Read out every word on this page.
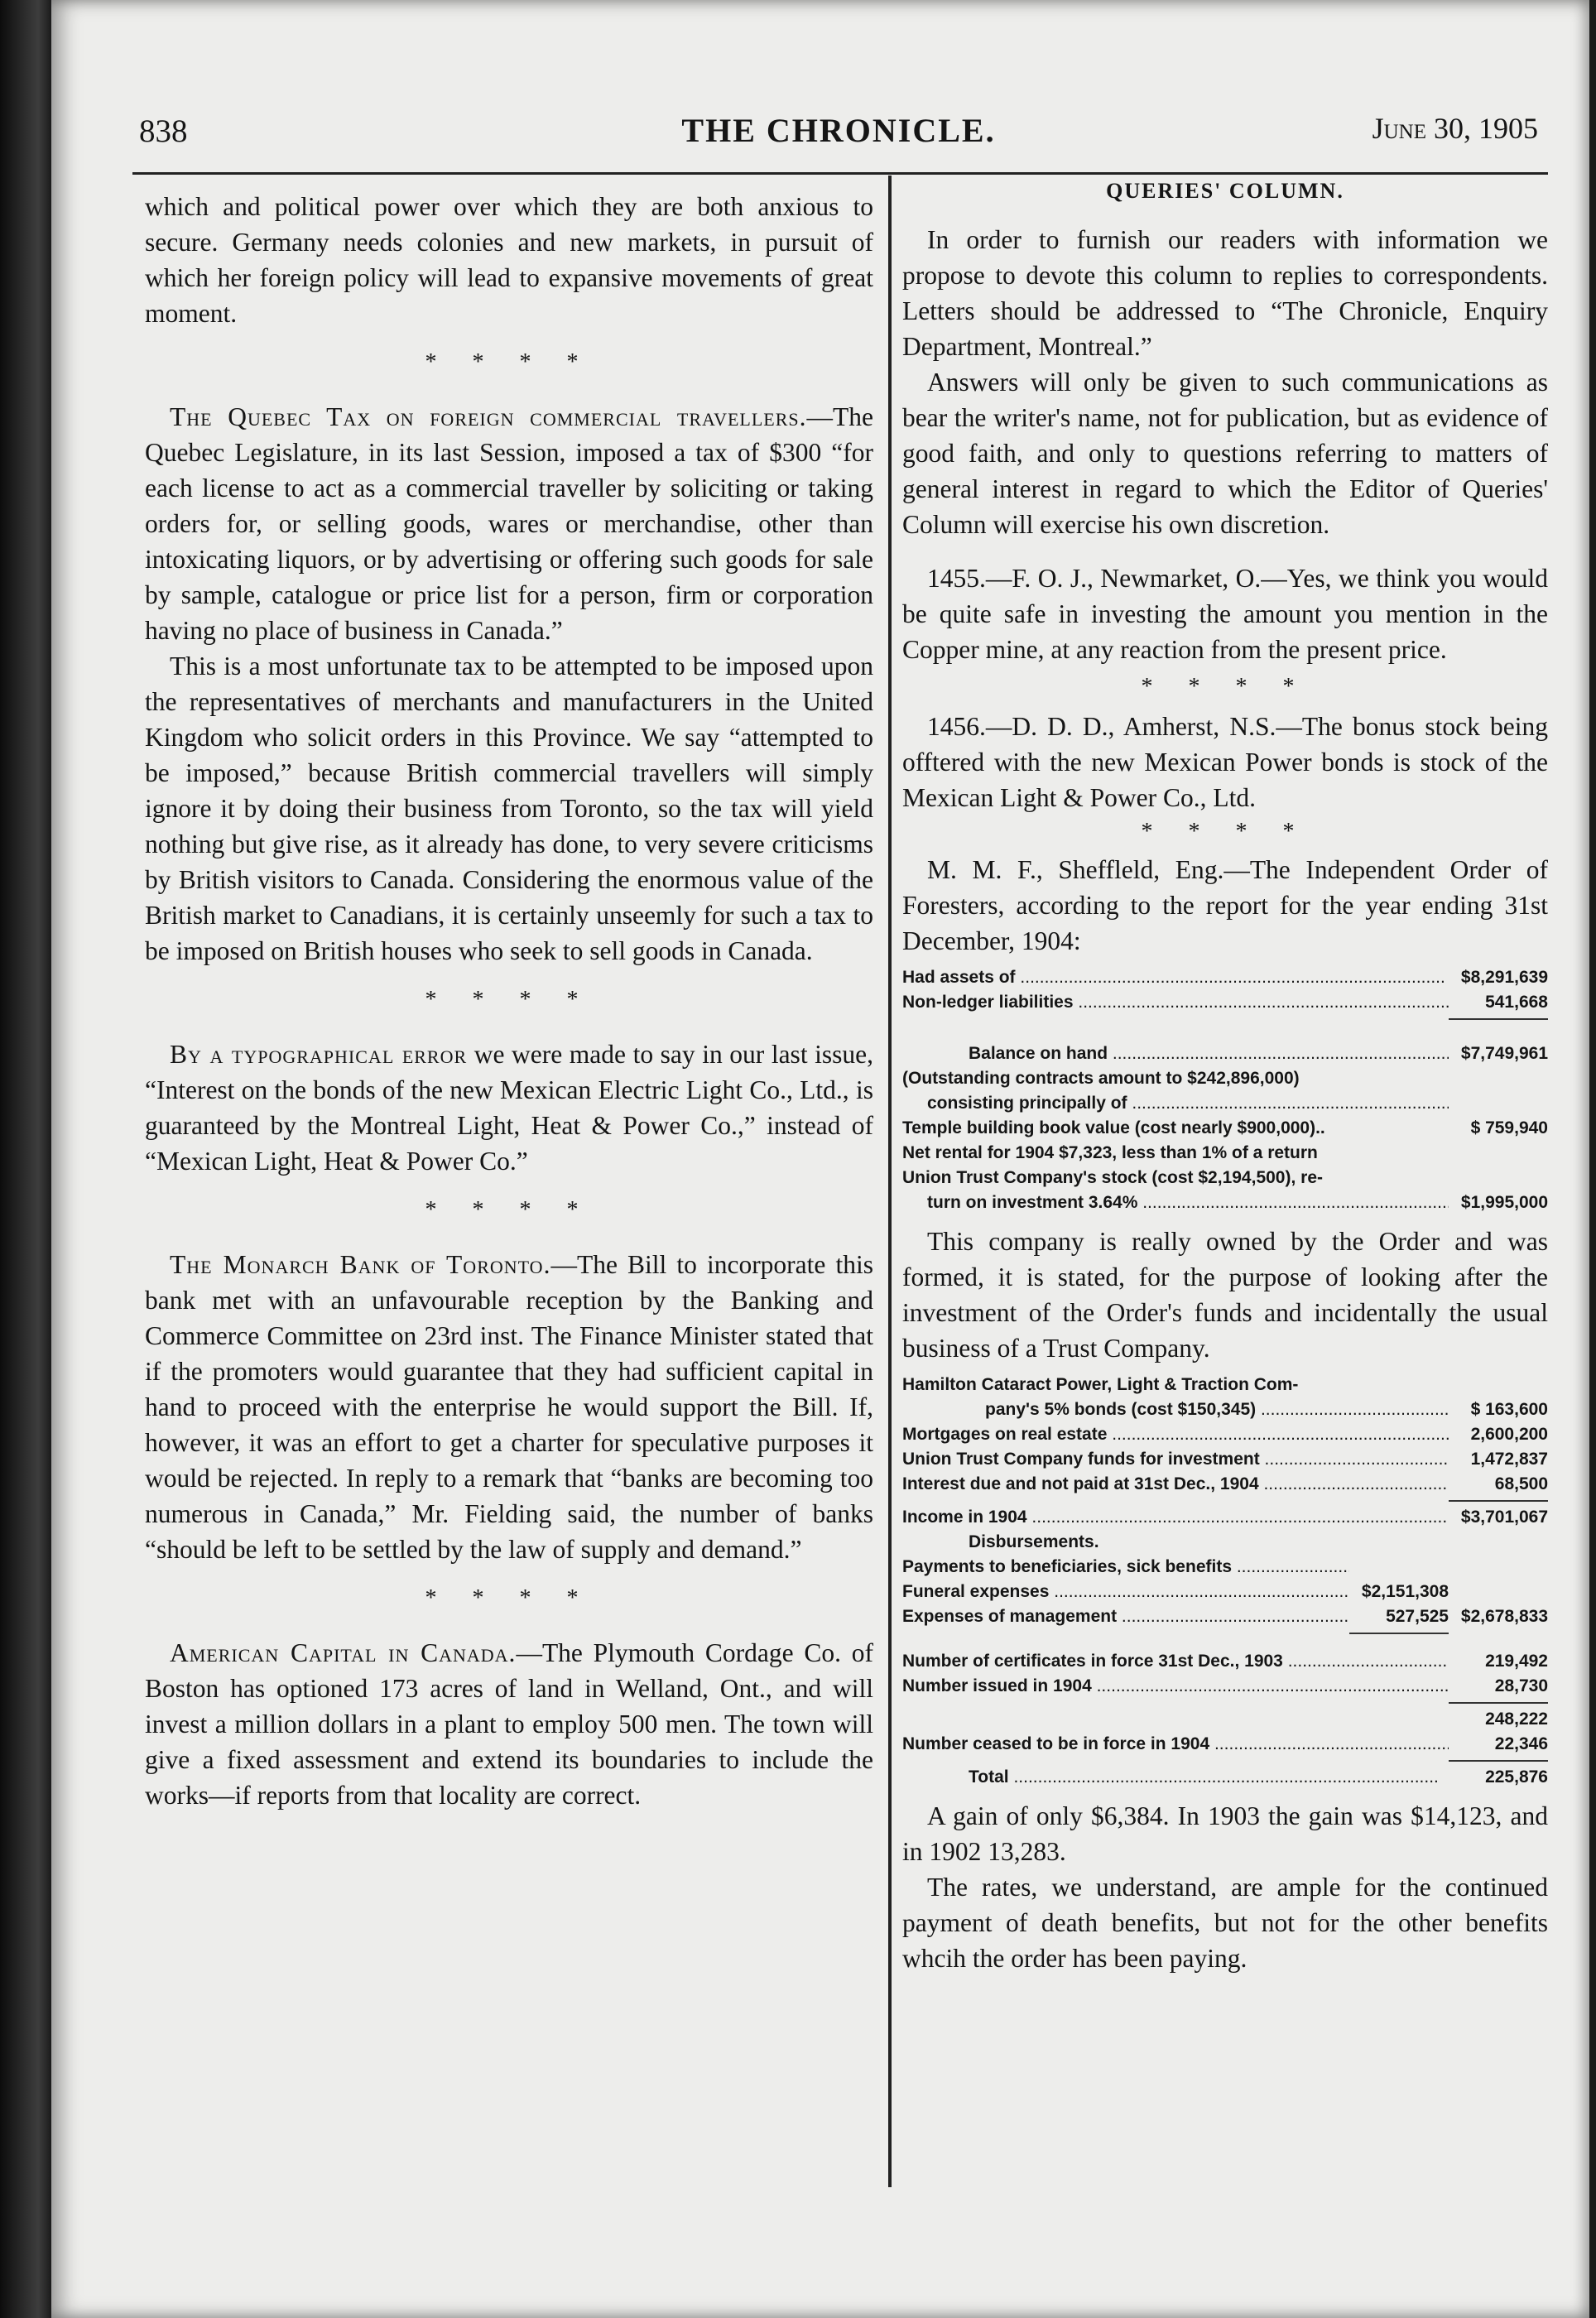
838	THE CHRONICLE.	June 30, 1905

which and political power over which they are both anxious to secure. Germany needs colonies and new markets, in pursuit of which her foreign policy will lead to expansive movements of great moment.

* * * *

The Quebec Tax on foreign commercial travellers.—The Quebec Legislature, in its last Session, imposed a tax of $300 “for each license to act as a commercial traveller by soliciting or taking orders for, or selling goods, wares or merchandise, other than intoxicating liquors, or by advertising or offering such goods for sale by sample, catalogue or price list for a person, firm or corporation having no place of business in Canada.”

This is a most unfortunate tax to be attempted to be imposed upon the representatives of merchants and manufacturers in the United Kingdom who solicit orders in this Province. We say “attempted to be imposed,” because British commercial travellers will simply ignore it by doing their business from Toronto, so the tax will yield nothing but give rise, as it already has done, to very severe criticisms by British visitors to Canada. Considering the enormous value of the British market to Canadians, it is certainly unseemly for such a tax to be imposed on British houses who seek to sell goods in Canada.

* * * *

By a typographical error we were made to say in our last issue, “Interest on the bonds of the new Mexican Electric Light Co., Ltd., is guaranteed by the Montreal Light, Heat & Power Co.,” instead of “Mexican Light, Heat & Power Co.”

* * * *

The Monarch Bank of Toronto.—The Bill to incorporate this bank met with an unfavourable reception by the Banking and Commerce Committee on 23rd inst. The Finance Minister stated that if the promoters would guarantee that they had sufficient capital in hand to proceed with the enterprise he would support the Bill. If, however, it was an effort to get a charter for speculative purposes it would be rejected. In reply to a remark that “banks are becoming too numerous in Canada,” Mr. Fielding said, the number of banks “should be left to be settled by the law of supply and demand.”

* * * *

American Capital in Canada.—The Plymouth Cordage Co. of Boston has optioned 173 acres of land in Welland, Ont., and will invest a million dollars in a plant to employ 500 men. The town will give a fixed assessment and extend its boundaries to include the works—if reports from that locality are correct.

QUERIES' COLUMN.

In order to furnish our readers with information we propose to devote this column to replies to correspondents. Letters should be addressed to “The Chronicle, Enquiry Department, Montreal.”

Answers will only be given to such communications as bear the writer's name, not for publication, but as evidence of good faith, and only to questions referring to matters of general interest in regard to which the Editor of Queries' Column will exercise his own discretion.

1455.—F. O. J., Newmarket, O.—Yes, we think you would be quite safe in investing the amount you mention in the Copper mine, at any reaction from the present price.

* * * *

1456.—D. D. D., Amherst, N.S.—The bonus stock being offtered with the new Mexican Power bonds is stock of the Mexican Light & Power Co., Ltd.

* * * *

M. M. F., Sheffleld, Eng.—The Independent Order of Foresters, according to the report for the year ending 31st December, 1904:

Had assets of .....	$8,291,639
Non-ledger liabilities .....	541,668
Balance on hand .....	$7,749,961
(Outstanding contracts amount to $242,896,000)
consisting principally of .....
Temple building book value (cost nearly $900,000)..	$ 759,940
Net rental for 1904 $7,323, less than 1% of a return
Union Trust Company's stock (cost $2,194,500), re-
turn on investment 3.64% .....	$1,995,000

This company is really owned by the Order and was formed, it is stated, for the purpose of looking after the investment of the Order's funds and incidentally the usual business of a Trust Company.

Hamilton Cataract Power, Light & Traction Com-
pany's 5% bonds (cost $150,345) .....	$ 163,600
Mortgages on real estate .....	2,600,200
Union Trust Company funds for investment .....	1,472,837
Interest due and not paid at 31st Dec., 1904 .....	68,500
Income in 1904 .....	$3,701,067
Disbursements.
Payments to beneficiaries, sick benefits .....
Funeral expenses .....	$2,151,308
Expenses of management .....	527,525 $2,678,833
Number of certificates in force 31st Dec., 1903 .....	219,492
Number issued in 1904 .....	28,730
248,222
Number ceased to be in force in 1904 .....	22,346
Total .....	225,876

A gain of only $6,384. In 1903 the gain was $14,123, and in 1902 13,283.

The rates, we understand, are ample for the continued payment of death benefits, but not for the other benefits whcih the order has been paying.
